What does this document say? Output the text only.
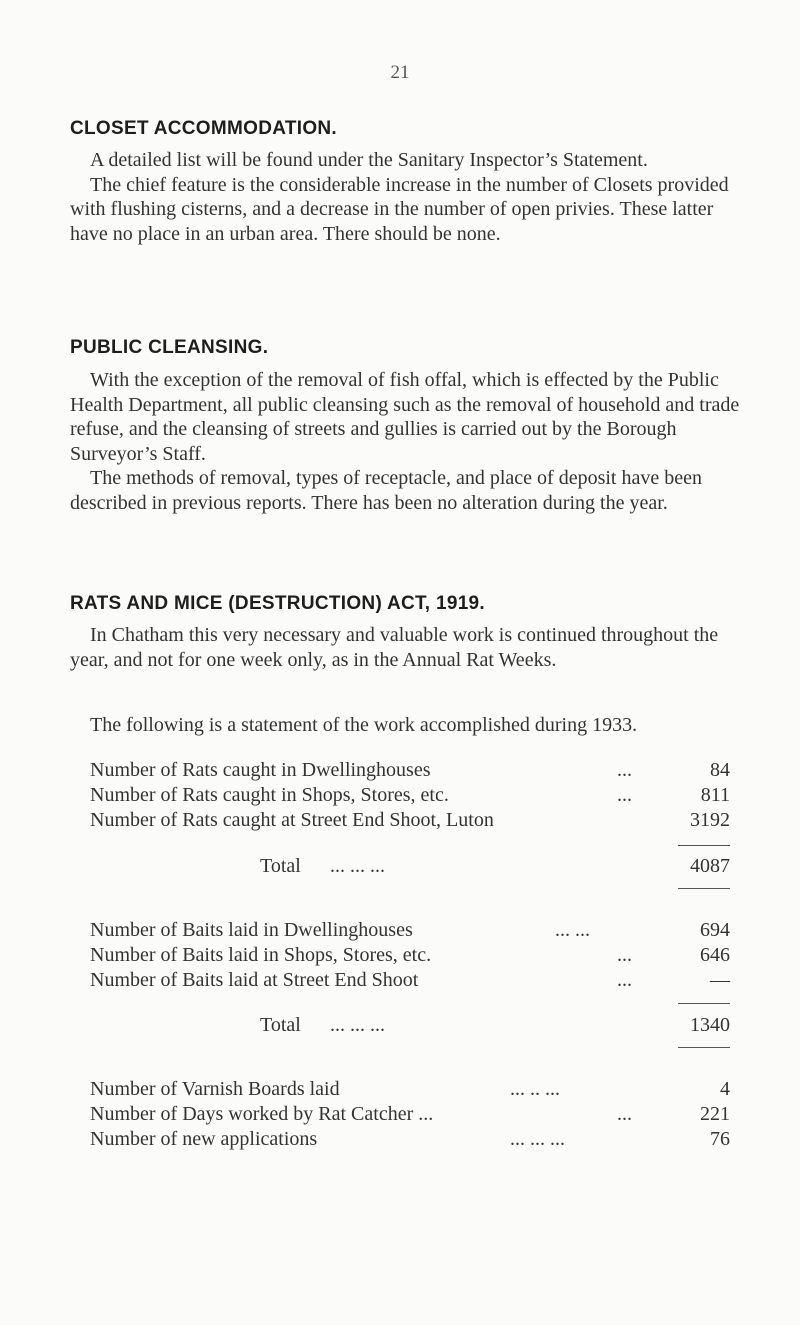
21
CLOSET ACCOMMODATION.

A detailed list will be found under the Sanitary Inspector’s Statement.

The chief feature is the considerable increase in the number of Closets provided with flushing cisterns, and a decrease in the number of open privies. These latter have no place in an urban area. There should be none.

PUBLIC CLEANSING.

With the exception of the removal of fish offal, which is effected by the Public Health Department, all public cleansing such as the removal of household and trade refuse, and the cleansing of streets and gullies is carried out by the Borough Surveyor’s Staff.

The methods of removal, types of receptacle, and place of deposit have been described in previous reports. There has been no alteration during the year.

RATS AND MICE (DESTRUCTION) ACT, 1919.

In Chatham this very necessary and valuable work is continued throughout the year, and not for one week only, as in the Annual Rat Weeks.

The following is a statement of the work accomplished during 1933.

Number of Rats caught in Dwellinghouses	...	84
Number of Rats caught in Shops, Stores, etc.	...	811
Number of Rats caught at Street End Shoot, Luton	3192
Total ... ... ...	4087
Number of Baits laid in Dwellinghouses	... ...	694
Number of Baits laid in Shops, Stores, etc.	...	646
Number of Baits laid at Street End Shoot	...	—
Total ... ... ...	1340
Number of Varnish Boards laid	... .. ...	4
Number of Days worked by Rat Catcher ...	...	221
Number of new applications	... ... ...	76
